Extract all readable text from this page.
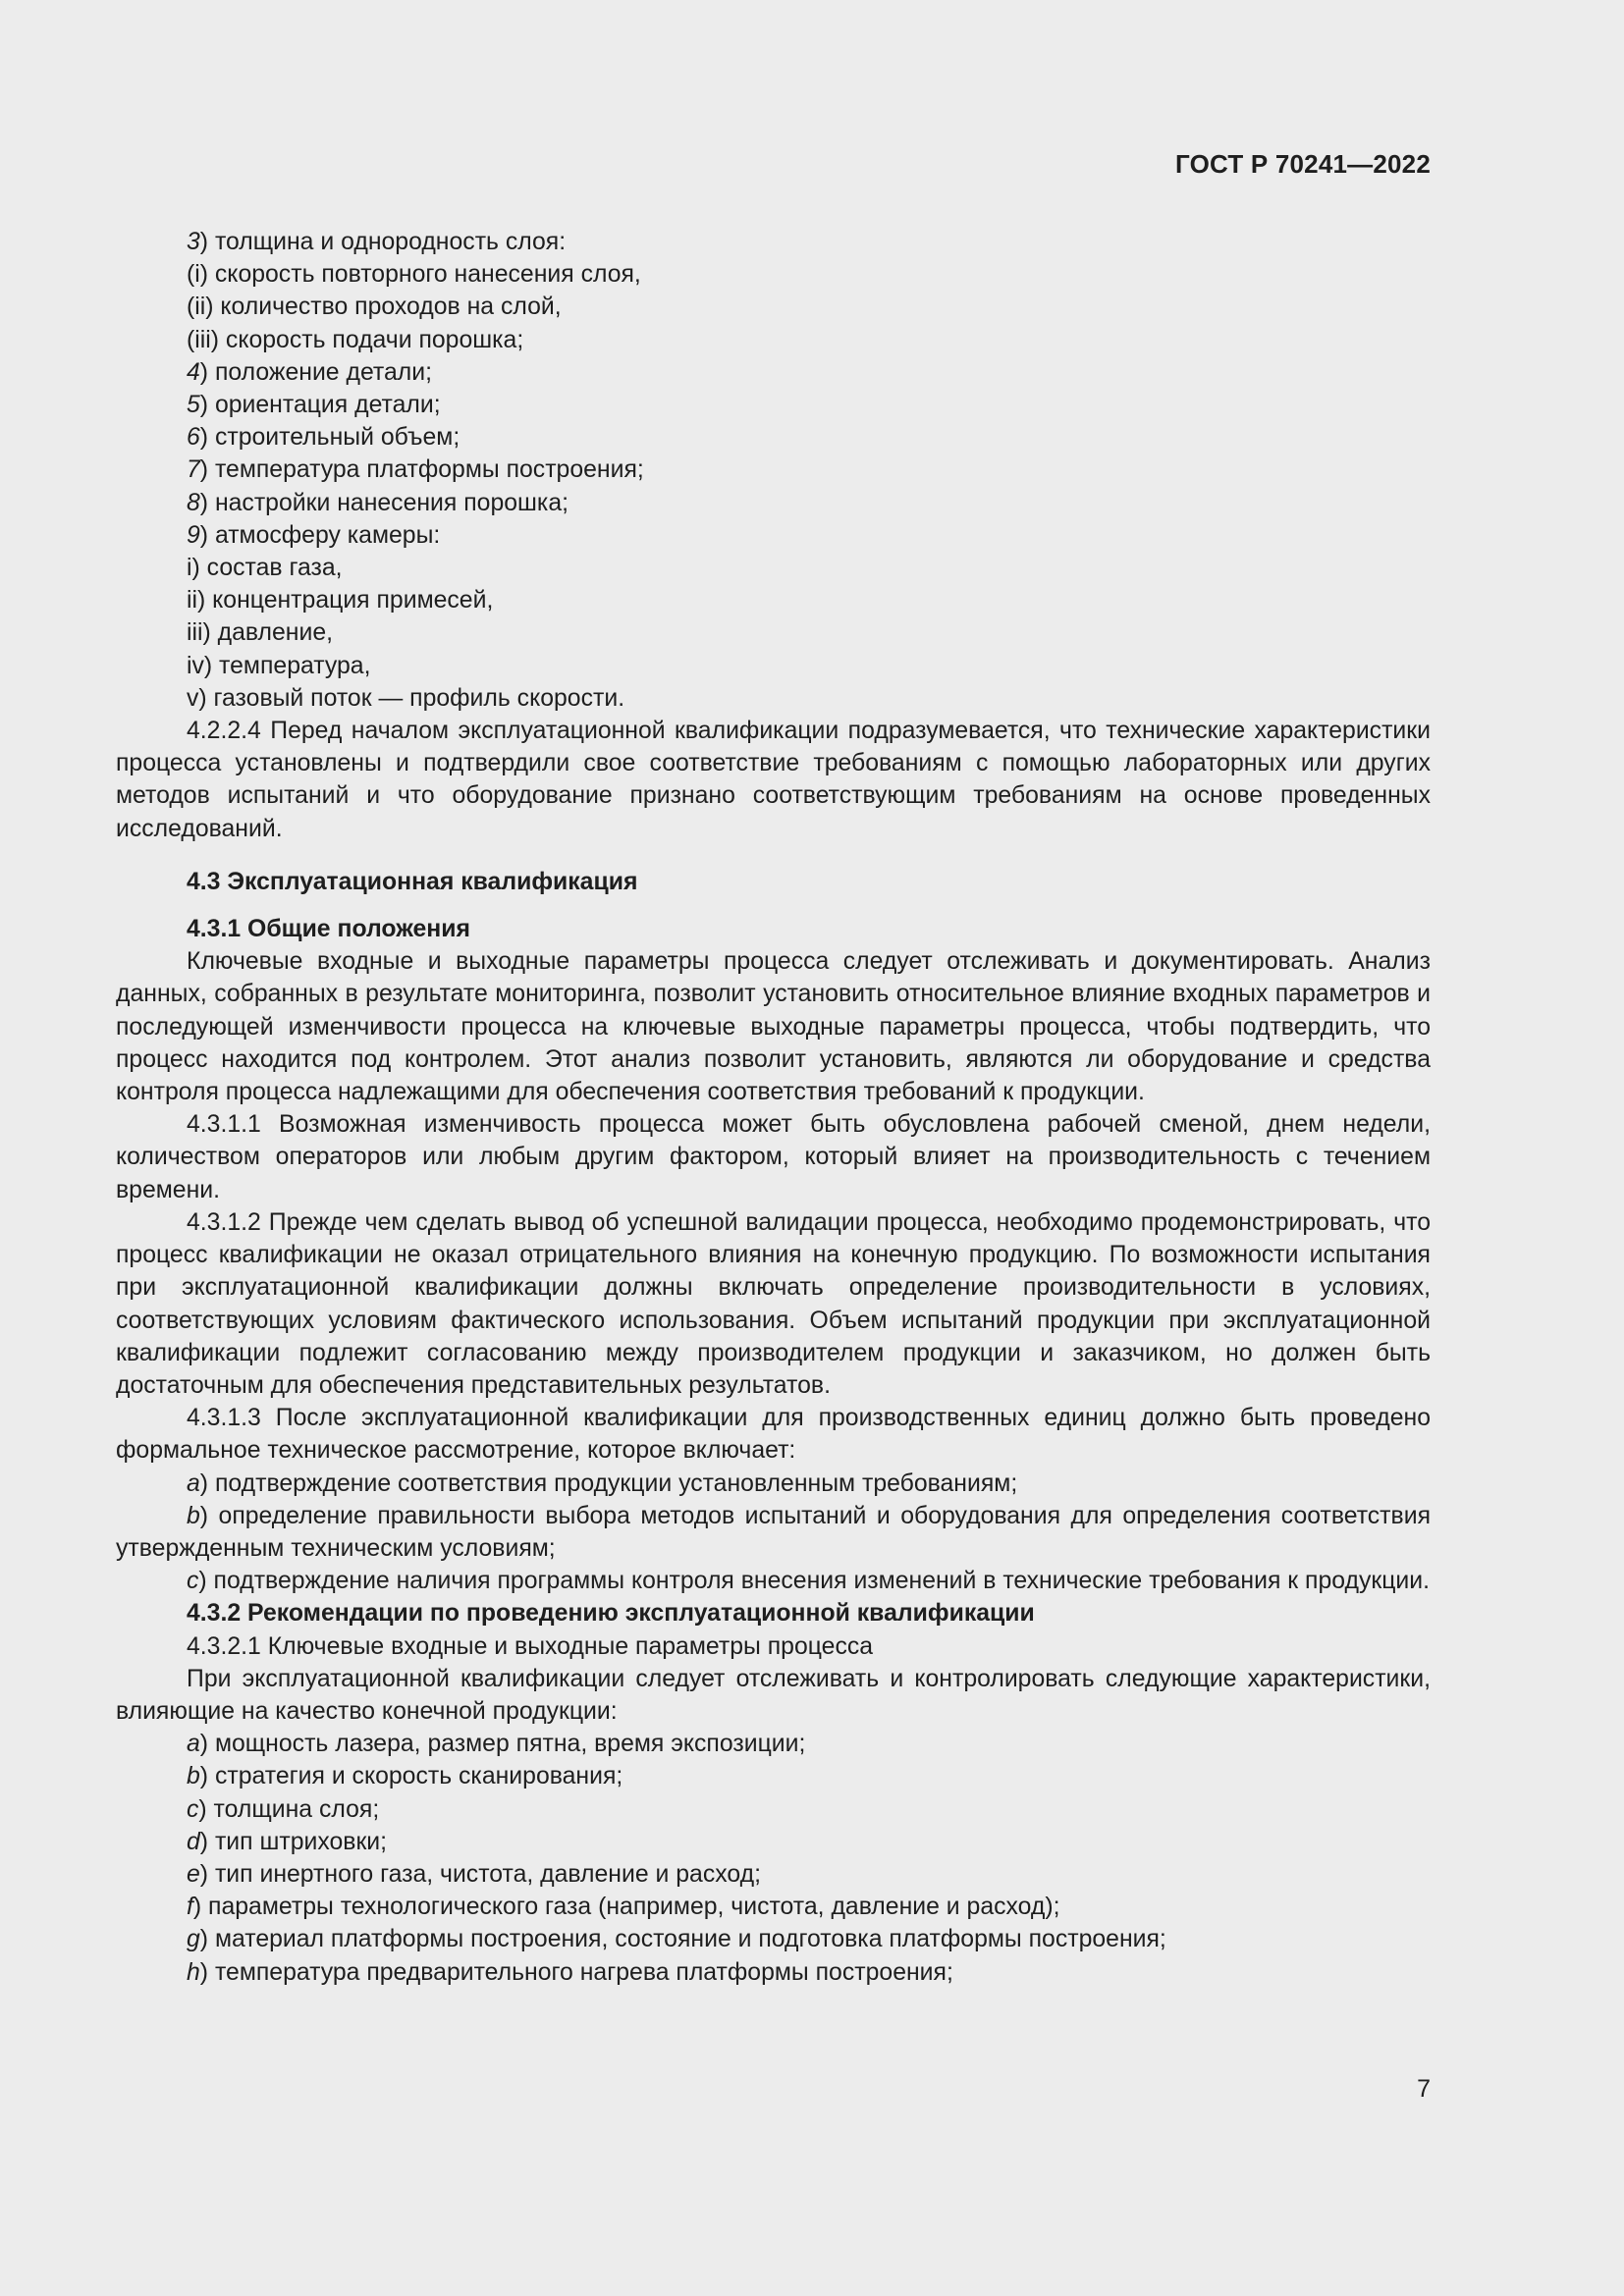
ГОСТ Р 70241—2022

3) толщина и однородность слоя:

(i) скорость повторного нанесения слоя,

(ii) количество проходов на слой,

(iii) скорость подачи порошка;

4) положение детали;

5) ориентация детали;

6) строительный объем;

7) температура платформы построения;

8) настройки нанесения порошка;

9) атмосферу камеры:

i) состав газа,

ii) концентрация примесей,

iii) давление,

iv) температура,

v) газовый поток — профиль скорости.

4.2.2.4 Перед началом эксплуатационной квалификации подразумевается, что технические характеристики процесса установлены и подтвердили свое соответствие требованиям с помощью лабораторных или других методов испытаний и что оборудование признано соответствующим требованиям на основе проведенных исследований.

4.3 Эксплуатационная квалификация

4.3.1 Общие положения

Ключевые входные и выходные параметры процесса следует отслеживать и документировать. Анализ данных, собранных в результате мониторинга, позволит установить относительное влияние входных параметров и последующей изменчивости процесса на ключевые выходные параметры процесса, чтобы подтвердить, что процесс находится под контролем. Этот анализ позволит установить, являются ли оборудование и средства контроля процесса надлежащими для обеспечения соответствия требований к продукции.

4.3.1.1 Возможная изменчивость процесса может быть обусловлена рабочей сменой, днем недели, количеством операторов или любым другим фактором, который влияет на производительность с течением времени.

4.3.1.2 Прежде чем сделать вывод об успешной валидации процесса, необходимо продемонстрировать, что процесс квалификации не оказал отрицательного влияния на конечную продукцию. По возможности испытания при эксплуатационной квалификации должны включать определение производительности в условиях, соответствующих условиям фактического использования. Объем испытаний продукции при эксплуатационной квалификации подлежит согласованию между производителем продукции и заказчиком, но должен быть достаточным для обеспечения представительных результатов.

4.3.1.3 После эксплуатационной квалификации для производственных единиц должно быть проведено формальное техническое рассмотрение, которое включает:

a) подтверждение соответствия продукции установленным требованиям;

b) определение правильности выбора методов испытаний и оборудования для определения соответствия утвержденным техническим условиям;

c) подтверждение наличия программы контроля внесения изменений в технические требования к продукции.

4.3.2 Рекомендации по проведению эксплуатационной квалификации

4.3.2.1 Ключевые входные и выходные параметры процесса

При эксплуатационной квалификации следует отслеживать и контролировать следующие характеристики, влияющие на качество конечной продукции:

a) мощность лазера, размер пятна, время экспозиции;

b) стратегия и скорость сканирования;

c) толщина слоя;

d) тип штриховки;

e) тип инертного газа, чистота, давление и расход;

f) параметры технологического газа (например, чистота, давление и расход);

g) материал платформы построения, состояние и подготовка платформы построения;

h) температура предварительного нагрева платформы построения;

7
